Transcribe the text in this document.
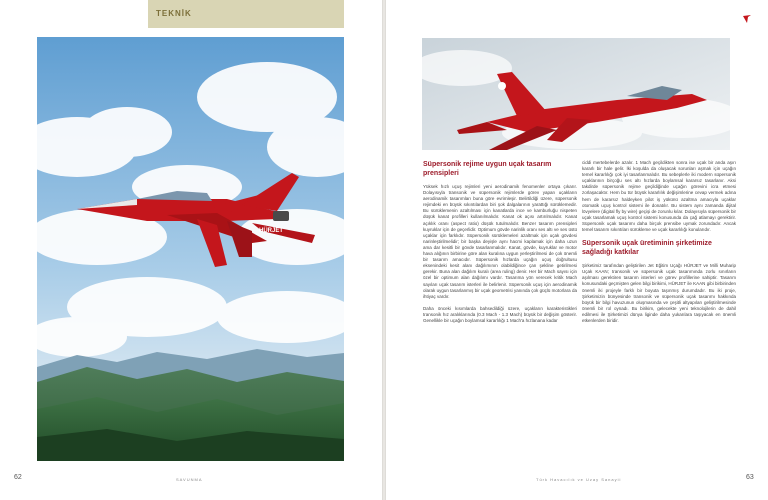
TEKNİK
HÜRJET
62	SAVUNMA
Süpersonik rejime uygun uçak tasarım prensipleri

Yüksek hızlı uçuş rejimleri yeni aerodinamik fenomenler ortaya çıkarır. Dolayısıyla transonik ve süpersonik rejimlerde görev yapan uçakların aerodinamik tasarımları buna göre evrimleşir. Belirtildiği üzere, süpersonik rejimdeki en büyük sıkıntılardan biri şok dalgalarının yarattığı sürüklemedir. Bu sürüklemenin azaltılması için kanatlarda ince ve kamburluğu nispeten düşük kanat profilleri kullanılmalıdır. Kanat ok açısı artırılmalıdır. Kanat açıklık oranı (aspect ratio) düşük tutulmalıdır. Benzer tasarım prensipleri kuyruklar için de geçerlidir. Optimum gövde narinlik oranı ses altı ve ses üstü uçaklar için farklıdır. Süpersonik sürüklemeleri azaltmak için uçak gövdesi narinleştirilmelidir; bir başka deyişle aynı hacmi kaplamak için daha uzun ama dar kesitli bir gövde tasarlanmalıdır. Kanat, gövde, kuyruklar ve motor hava alığının birbirine göre alan kuralına uygun yerleştirilmesi de çok önemli bir tasarım amacıdır. Süpersonik hızlarda uçağın uçuş doğrultusu eksenindeki kesit alanı dağılımının olabildiğince çan şekline getirilmesi gerekir. Buna alan dağılım kuralı (area ruling) denir. Her bir Mach sayısı için özel bir optimum alan dağılımı vardır. Tasarıma yön verecek kritik Mach sayıları uçak tasarım isterleri ile belirlenir. Süpersonik uçuş için aerodinamik olarak uygun tasarlanmış bir uçak geometrisi yanında çok güçlü motorlara da ihtiyaç vardır.

Daha önceki kısımlarda bahsedildiği üzere, uçakların karakteristikleri transonik hız aralıklarında (0.3 Mach - 1.3 Mach) büyük bir değişim gösterir. Genellikle bir uçağın boylamsal kararlılığı 1 Mach'a hızlanana kadar

ciddi mertebelerde azalır. 1 Mach geçildikten sonra ise uçak bir anda aşırı kararlı bir hale gelir. İki koşulda da oluşacak sorunları aşmak için uçağın temel kararlılığı çok iyi tasarlanmalıdır. Bu sebeplerle iki modern süpersonik uçaklarının birçoğu ses altı hızlarda boylamsal kararsız tasarlanır. Aksi takdirde süpersonik rejime geçildiğinde uçağın görevini icra etmesi zorlaşacaktır. Hem bu tür büyük kararlılık değişimlerine cevap vermek adına hem de kararsız haldeyken pilot iş yükünü azaltma amacıyla uçaklar otomatik uçuş kontrol sistemi ile donatılır. Bu sistem aynı zamanda dijital lövyelere (digital fly by wire) geçişi de zorunlu kılar. Dolayısıyla süpersonik bir uçak tasarlamak uçuş kontrol sistemi konusunda da çağ atlamayı gerektirir. Süpersonik uçak tasarımı daha birçok prensibe uymak zorundadır. Ancak temel tasarım sıkıntıları sürükleme ve uçak kararlılığı konularıdır.

Süpersonik uçak üretiminin şirketimize sağladığı katkılar

Şirketimiz tarafından geliştirilen Jet Eğitim Uçağı HÜRJET ve Milli Muharip Uçak KAAN; transonik ve süpersonik uçak tasarımında zorlu sınırların aşılması gerektiren tasarım isterleri ve görev profillerine sahiptir. Tasarım konusundaki geçmişten gelen bilgi birikimi, HÜRJET ile KAAN gibi birbirinden önemli iki projeyle farklı bir boyuta taşınmış durumdadır. Bu iki proje, Şirketimizin bünyesinde transonik ve süpersonik uçak tasarımı hakkında büyük bir bilgi havuzunun oluşmasında ve çeşitli altyapıları geliştirilmesinde önemli bir rol oynadı. Bu birikim, gelecekte yeni teknolojilerin de dahil edilmesi ile Şirketimizi dünya liginde daha yukarılara taşıyacak en önemli etkenlerden biridir.

63
Türk Havacılık ve Uzay Sanayii
